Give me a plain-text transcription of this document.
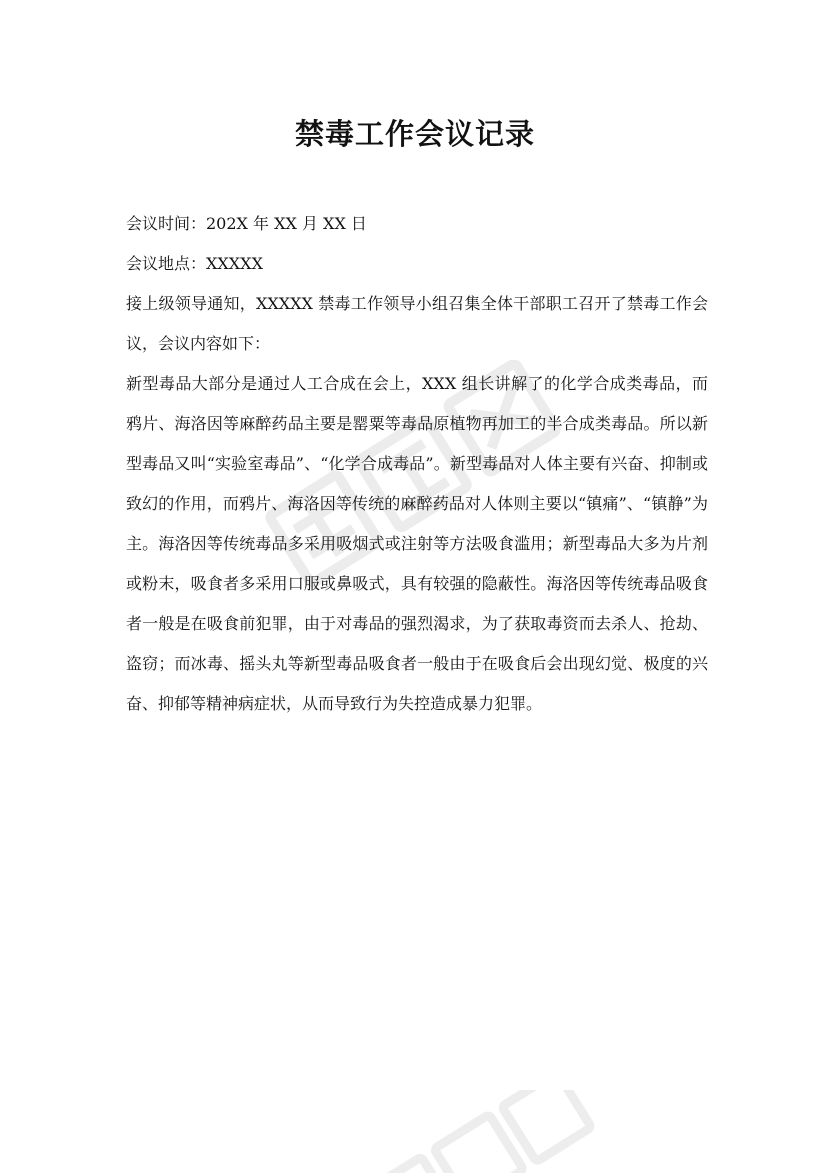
禁毒工作会议记录

会议时间：202X 年 XX 月 XX 日

会议地点：XXXXX

接上级领导通知，XXXXX 禁毒工作领导小组召集全体干部职工召开了禁毒工作会议，会议内容如下：

新型毒品大部分是通过人工合成在会上，XXX 组长讲解了的化学合成类毒品，而鸦片、海洛因等麻醉药品主要是罂粟等毒品原植物再加工的半合成类毒品。所以新型毒品又叫“实验室毒品”、“化学合成毒品”。新型毒品对人体主要有兴奋、抑制或致幻的作用，而鸦片、海洛因等传统的麻醉药品对人体则主要以“镇痛”、“镇静”为主。海洛因等传统毒品多采用吸烟式或注射等方法吸食滥用；新型毒品大多为片剂或粉末，吸食者多采用口服或鼻吸式，具有较强的隐蔽性。海洛因等传统毒品吸食者一般是在吸食前犯罪，由于对毒品的强烈渴求，为了获取毒资而去杀人、抢劫、盗窃；而冰毒、摇头丸等新型毒品吸食者一般由于在吸食后会出现幻觉、极度的兴奋、抑郁等精神病症状，从而导致行为失控造成暴力犯罪。
